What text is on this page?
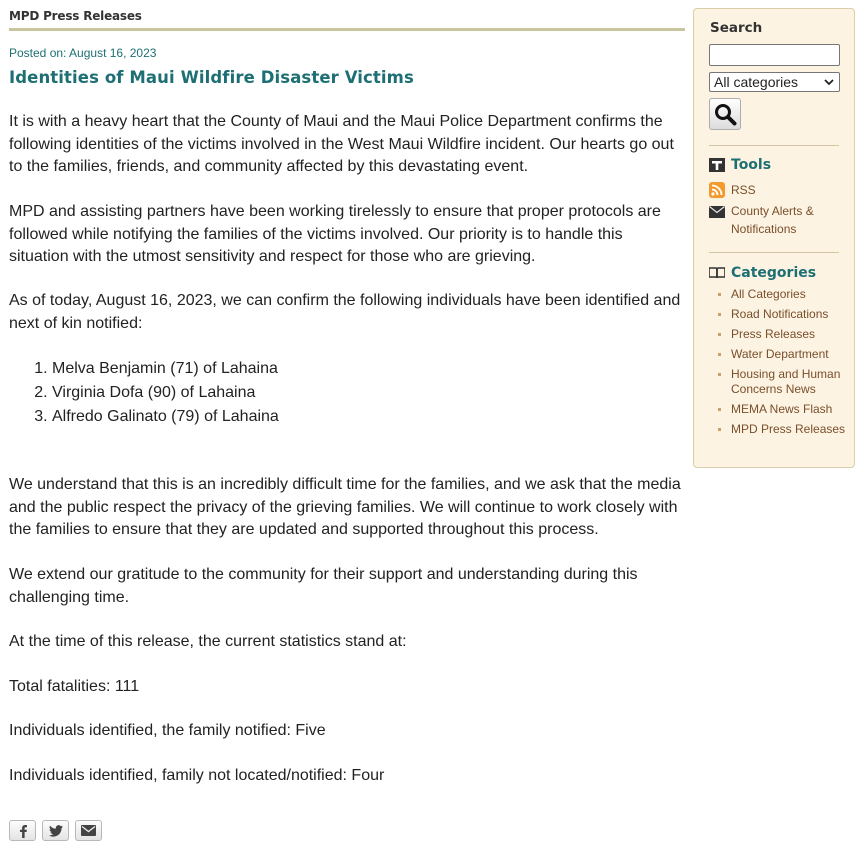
MPD Press Releases
Posted on: August 16, 2023
Identities of Maui Wildfire Disaster Victims

It is with a heavy heart that the County of Maui and the Maui Police Department confirms the following identities of the victims involved in the West Maui Wildfire incident. Our hearts go out to the families, friends, and community affected by this devastating event.

MPD and assisting partners have been working tirelessly to ensure that proper protocols are followed while notifying the families of the victims involved. Our priority is to handle this situation with the utmost sensitivity and respect for those who are grieving.

As of today, August 16, 2023, we can confirm the following individuals have been identified and next of kin notified:

1. Melva Benjamin (71) of Lahaina
2. Virginia Dofa (90) of Lahaina
3. Alfredo Galinato (79) of Lahaina

We understand that this is an incredibly difficult time for the families, and we ask that the media and the public respect the privacy of the grieving families. We will continue to work closely with the families to ensure that they are updated and supported throughout this process.

We extend our gratitude to the community for their support and understanding during this challenging time.

At the time of this release, the current statistics stand at:

Total fatalities: 111

Individuals identified, the family notified: Five

Individuals identified, family not located/notified: Four

Search
All categories
Tools
RSS
County Alerts & Notifications
Categories
All Categories
Road Notifications
Press Releases
Water Department
Housing and Human Concerns News
MEMA News Flash
MPD Press Releases
